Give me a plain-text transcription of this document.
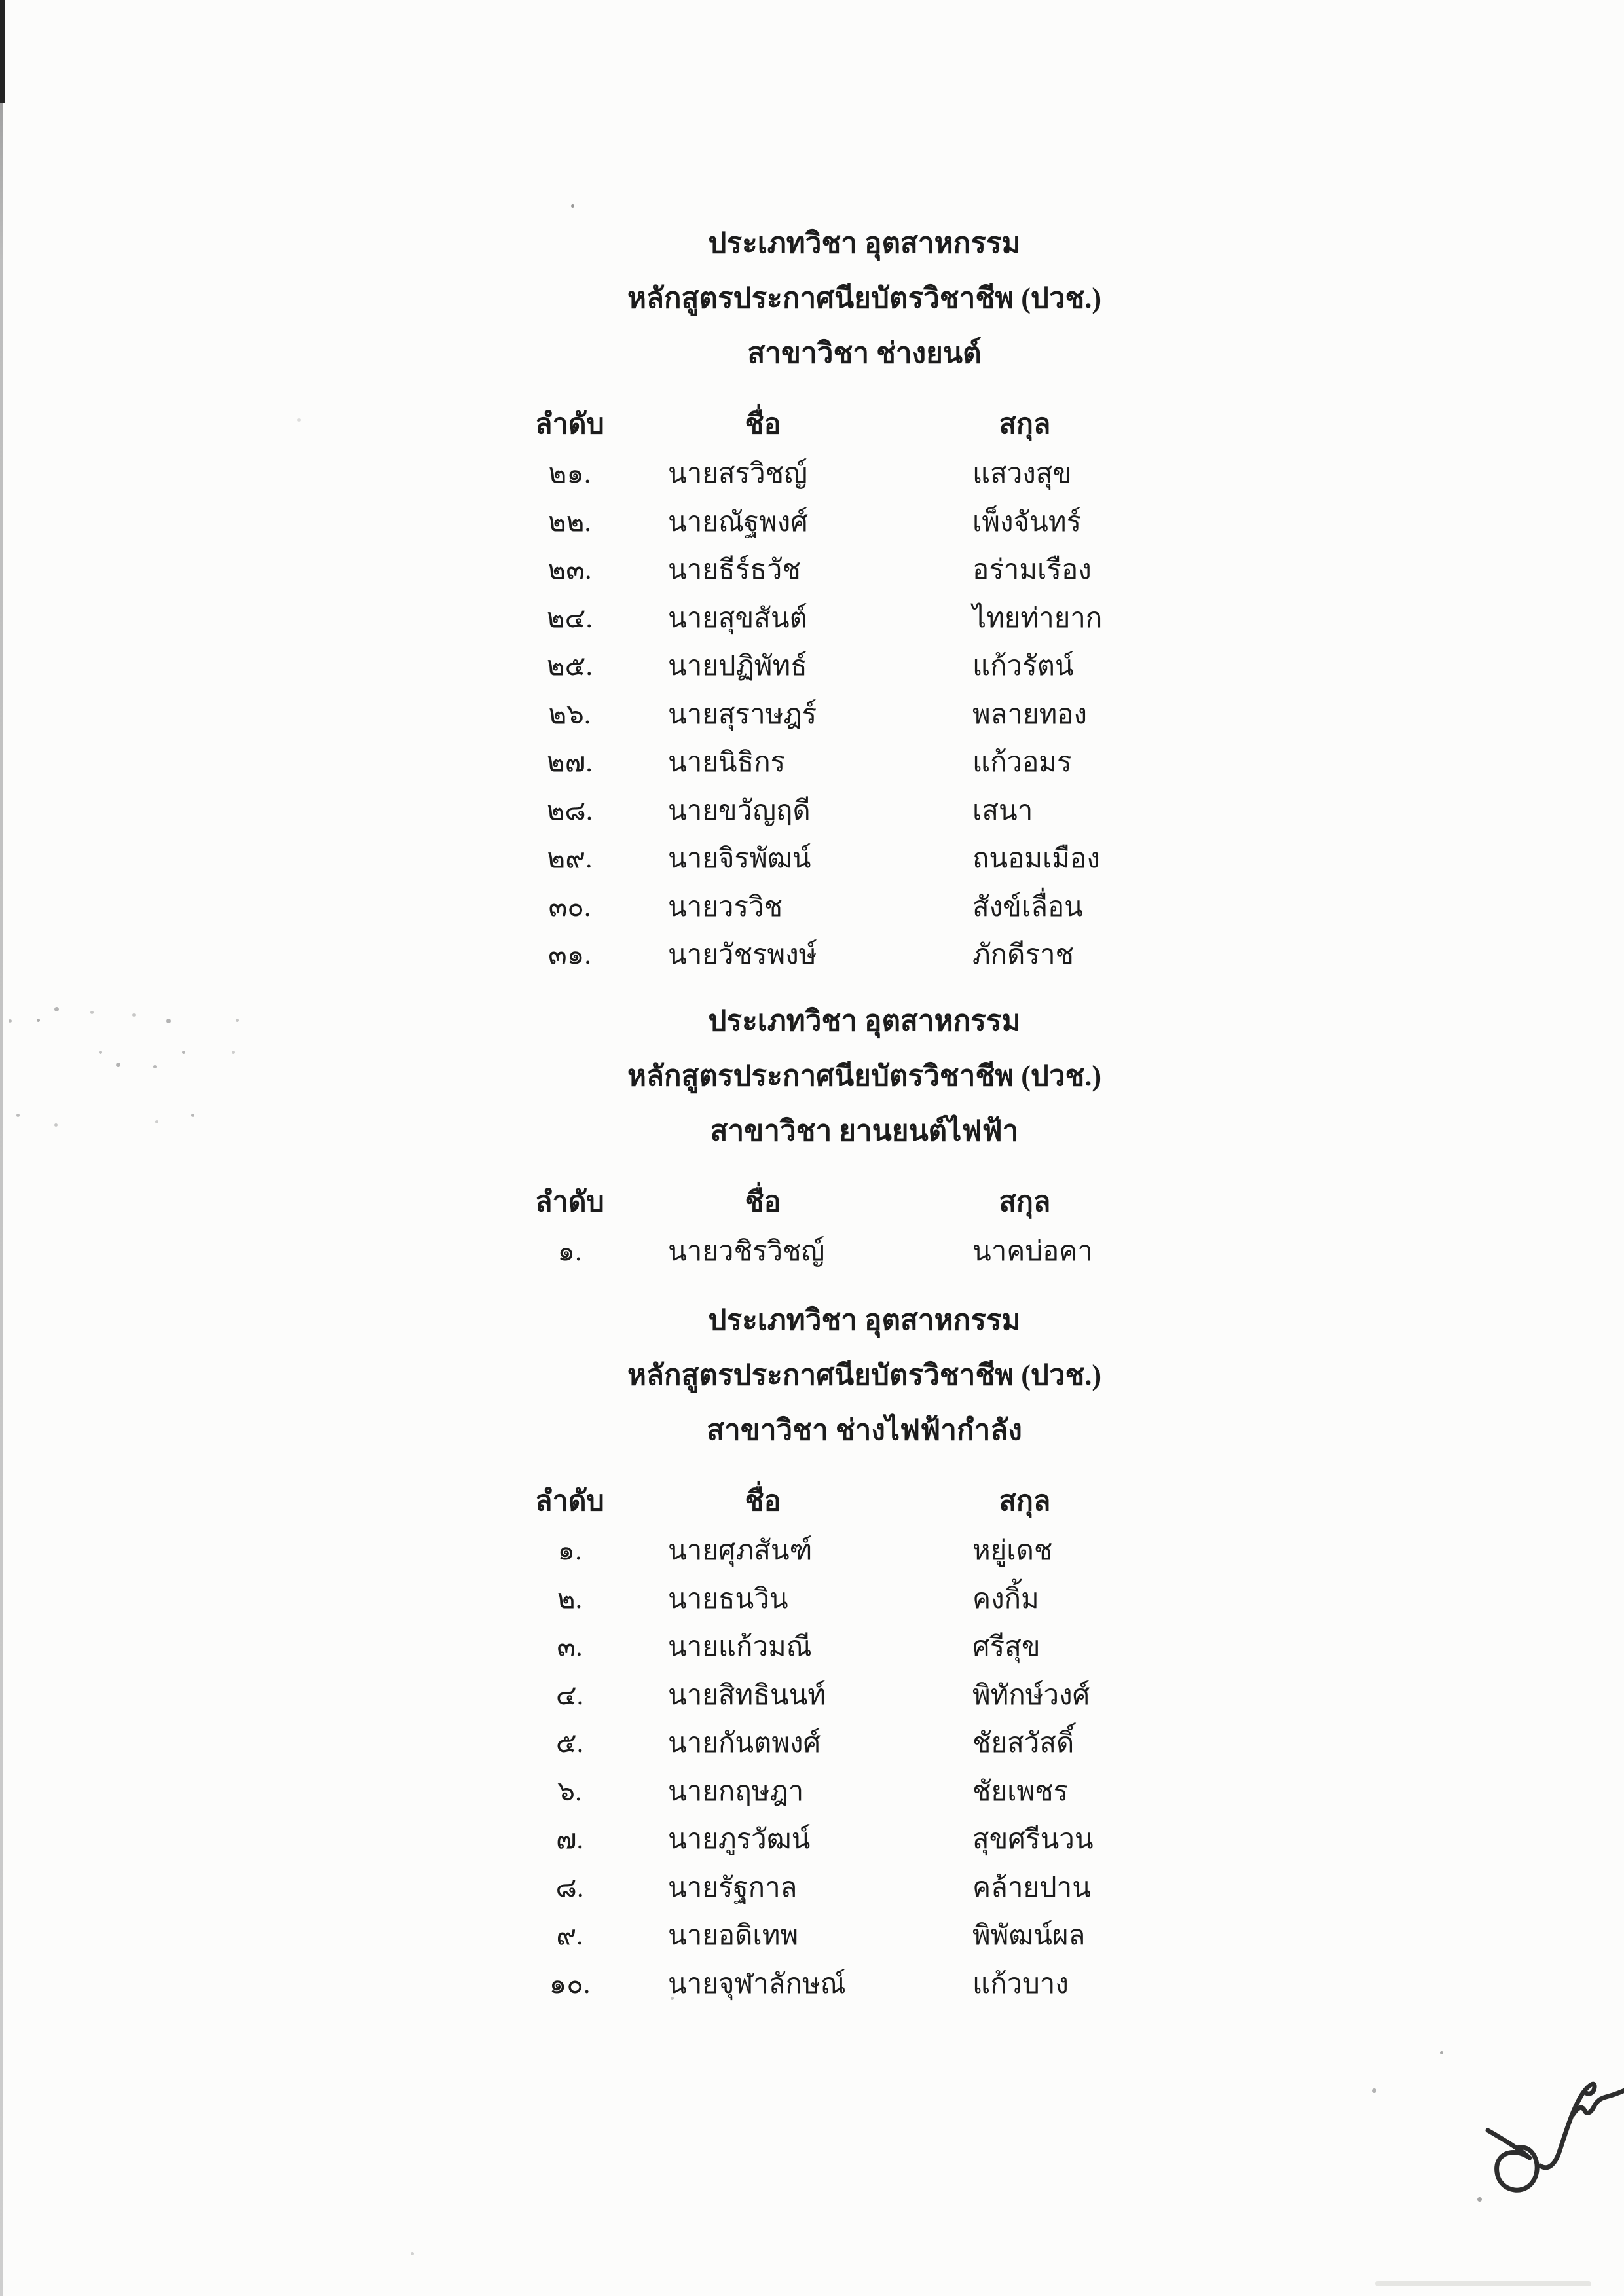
ประเภทวิชา อุตสาหกรรม
หลักสูตรประกาศนียบัตรวิชาชีพ (ปวช.)
สาขาวิชา ช่างยนต์
ลำดับ	ชื่อ	สกุล
๒๑.	นายสรวิชญ์	แสวงสุข
๒๒.	นายณัฐพงศ์	เพ็งจันทร์
๒๓.	นายธีร์ธวัช	อร่ามเรือง
๒๔.	นายสุขสันต์	ไทยท่ายาก
๒๕.	นายปฏิพัทธ์	แก้วรัตน์
๒๖.	นายสุราษฎร์	พลายทอง
๒๗.	นายนิธิกร	แก้วอมร
๒๘.	นายขวัญฤดี	เสนา
๒๙.	นายจิรพัฒน์	ถนอมเมือง
๓๐.	นายวรวิช	สังข์เลื่อน
๓๑.	นายวัชรพงษ์	ภักดีราช
ประเภทวิชา อุตสาหกรรม
หลักสูตรประกาศนียบัตรวิชาชีพ (ปวช.)
สาขาวิชา ยานยนต์ไฟฟ้า
ลำดับ	ชื่อ	สกุล
๑.	นายวชิรวิชญ์	นาคบ่อคา
ประเภทวิชา อุตสาหกรรม
หลักสูตรประกาศนียบัตรวิชาชีพ (ปวช.)
สาขาวิชา ช่างไฟฟ้ากำลัง
ลำดับ	ชื่อ	สกุล
๑.	นายศุภสันฑ์	หยู่เดช
๒.	นายธนวิน	คงกิ้ม
๓.	นายแก้วมณี	ศรีสุข
๔.	นายสิทธินนท์	พิทักษ์วงศ์
๕.	นายกันตพงศ์	ชัยสวัสดิ์
๖.	นายกฤษฎา	ชัยเพชร
๗.	นายภูรวัฒน์	สุขศรีนวน
๘.	นายรัฐกาล	คล้ายปาน
๙.	นายอดิเทพ	พิพัฒน์ผล
๑๐.	นายจุฬาลักษณ์	แก้วบาง
